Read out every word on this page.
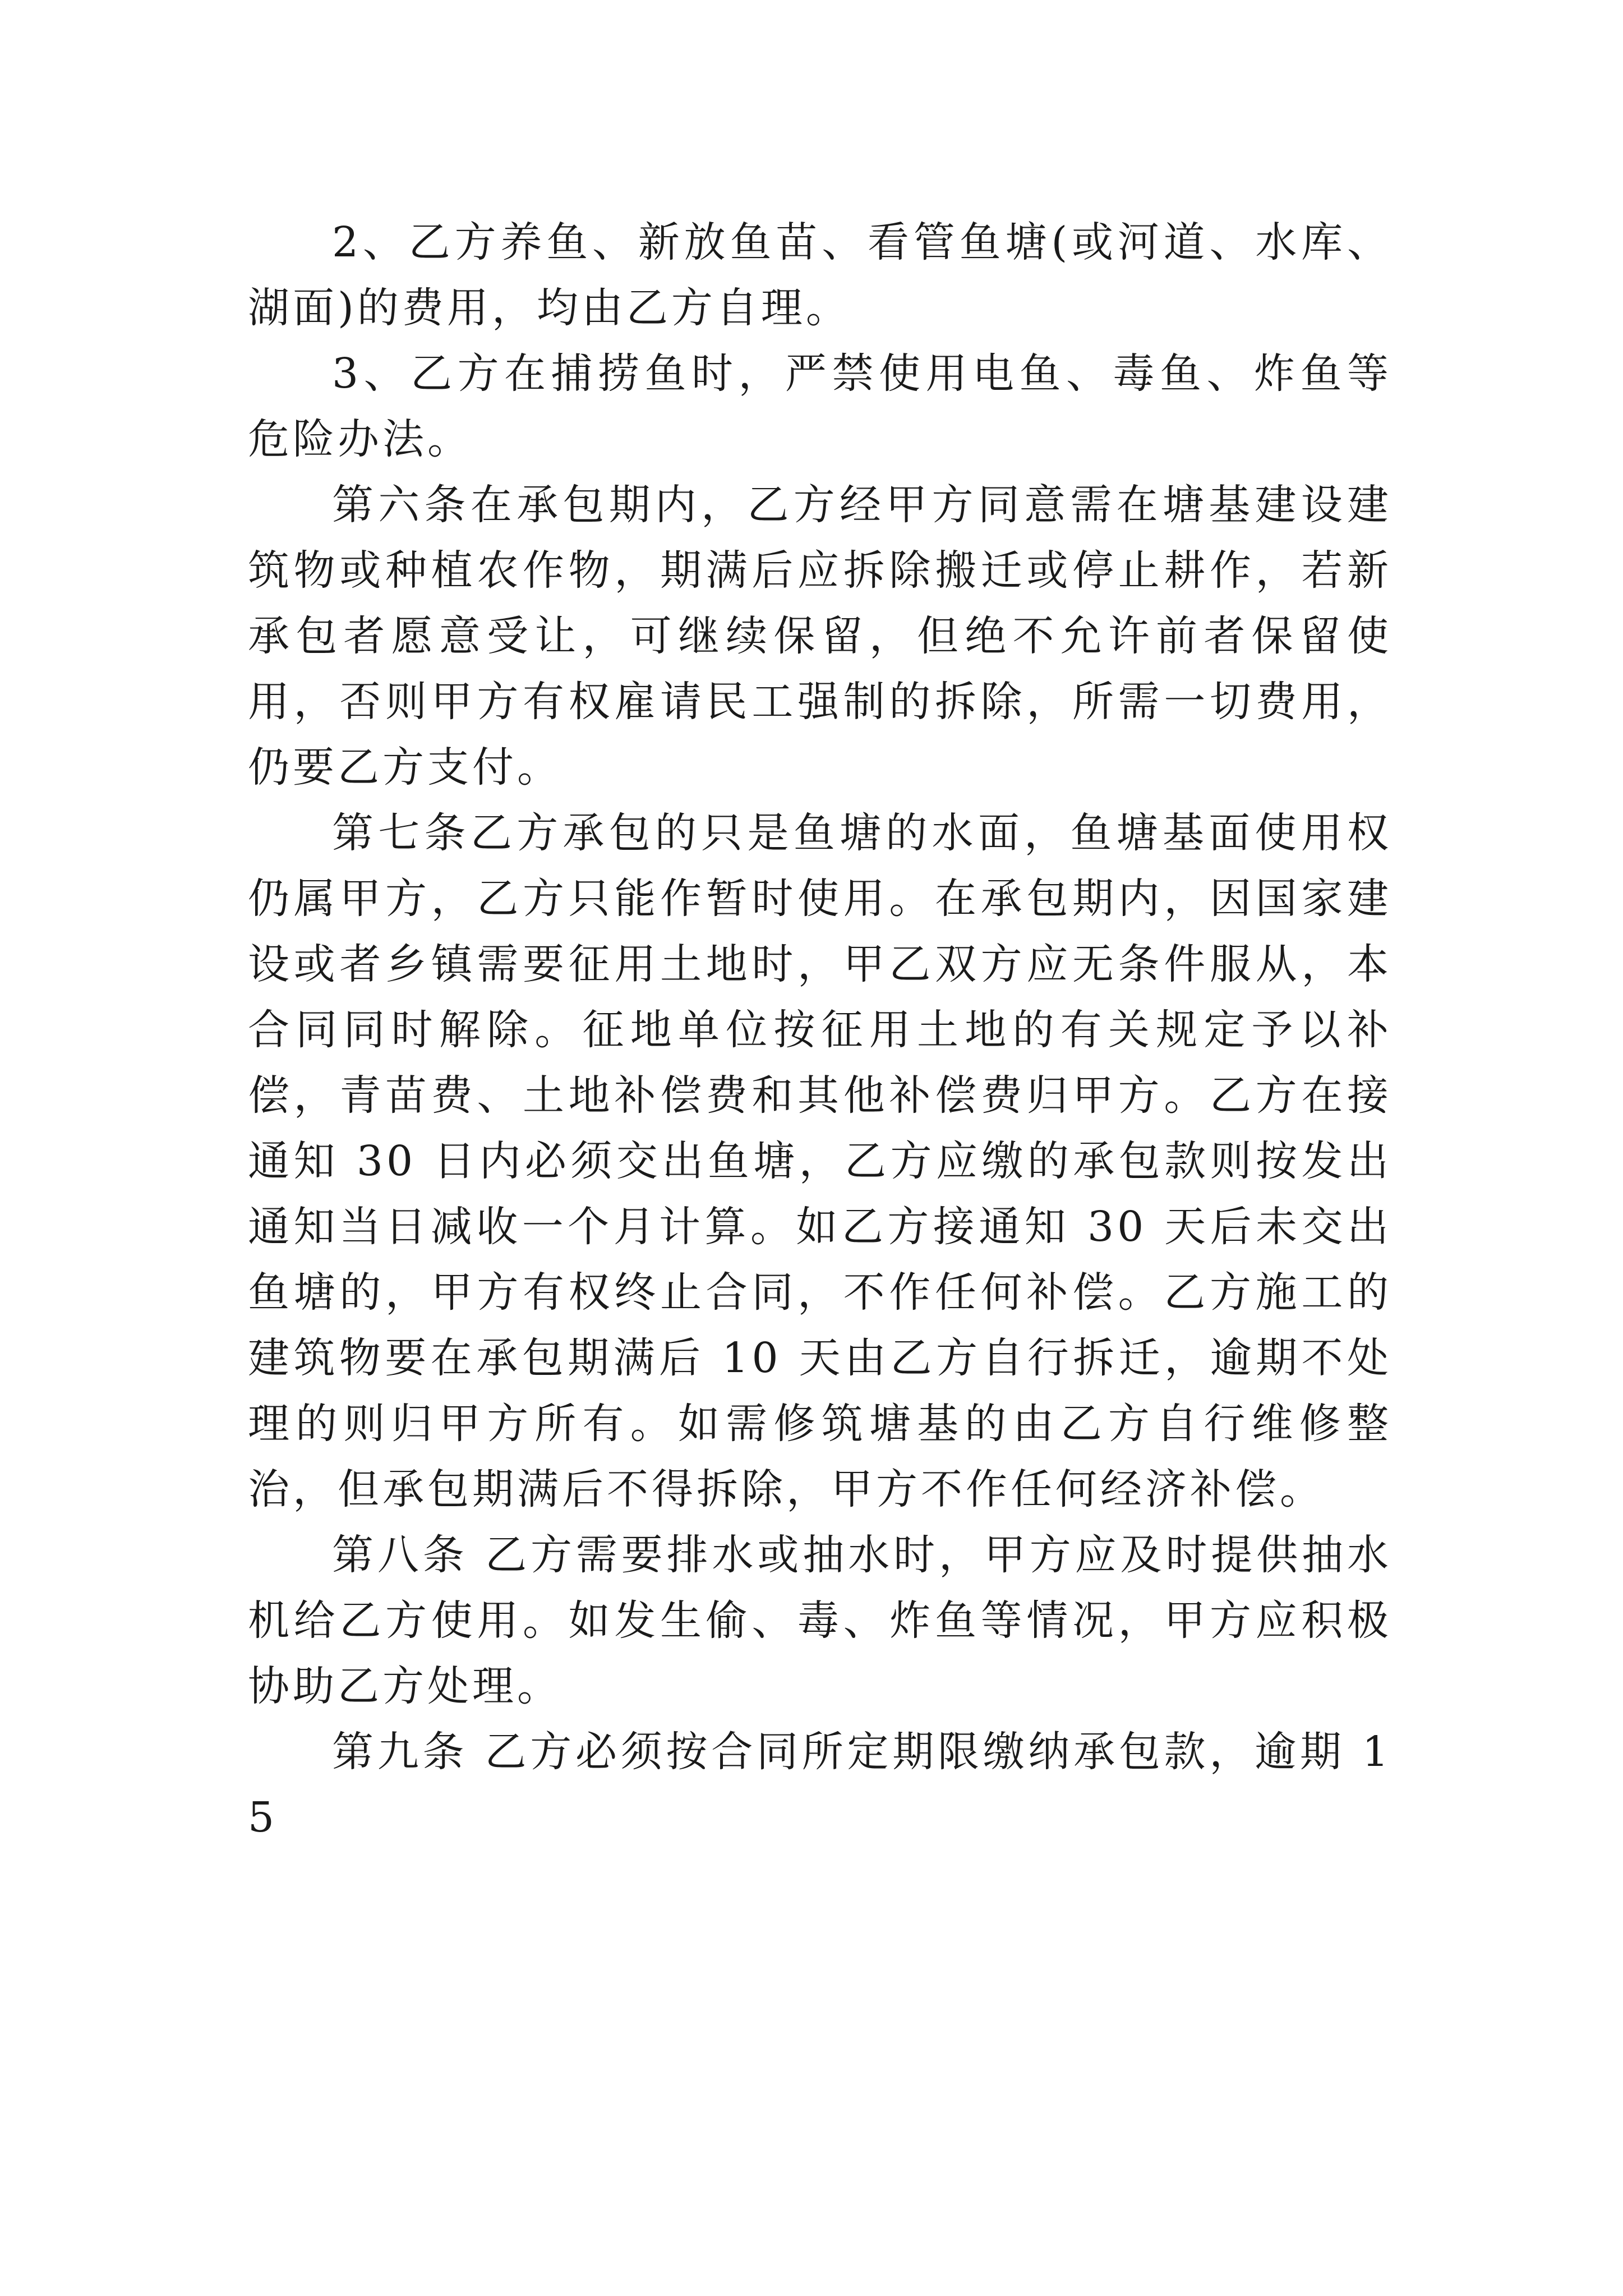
2、乙方养鱼、新放鱼苗、看管鱼塘(或河道、水库、湖面)的费用，均由乙方自理。

3、乙方在捕捞鱼时，严禁使用电鱼、毒鱼、炸鱼等危险办法。

第六条在承包期内，乙方经甲方同意需在塘基建设建筑物或种植农作物，期满后应拆除搬迁或停止耕作，若新承包者愿意受让，可继续保留，但绝不允许前者保留使用，否则甲方有权雇请民工强制的拆除，所需一切费用，仍要乙方支付。

第七条乙方承包的只是鱼塘的水面，鱼塘基面使用权仍属甲方，乙方只能作暂时使用。在承包期内，因国家建设或者乡镇需要征用土地时，甲乙双方应无条件服从，本合同同时解除。征地单位按征用土地的有关规定予以补偿，青苗费、土地补偿费和其他补偿费归甲方。乙方在接通知 30 日内必须交出鱼塘，乙方应缴的承包款则按发出通知当日减收一个月计算。如乙方接通知 30 天后未交出鱼塘的，甲方有权终止合同，不作任何补偿。乙方施工的建筑物要在承包期满后 10 天由乙方自行拆迁，逾期不处理的则归甲方所有。如需修筑塘基的由乙方自行维修整治，但承包期满后不得拆除，甲方不作任何经济补偿。

第八条 乙方需要排水或抽水时，甲方应及时提供抽水机给乙方使用。如发生偷、毒、炸鱼等情况，甲方应积极协助乙方处理。

第九条 乙方必须按合同所定期限缴纳承包款，逾期 15
